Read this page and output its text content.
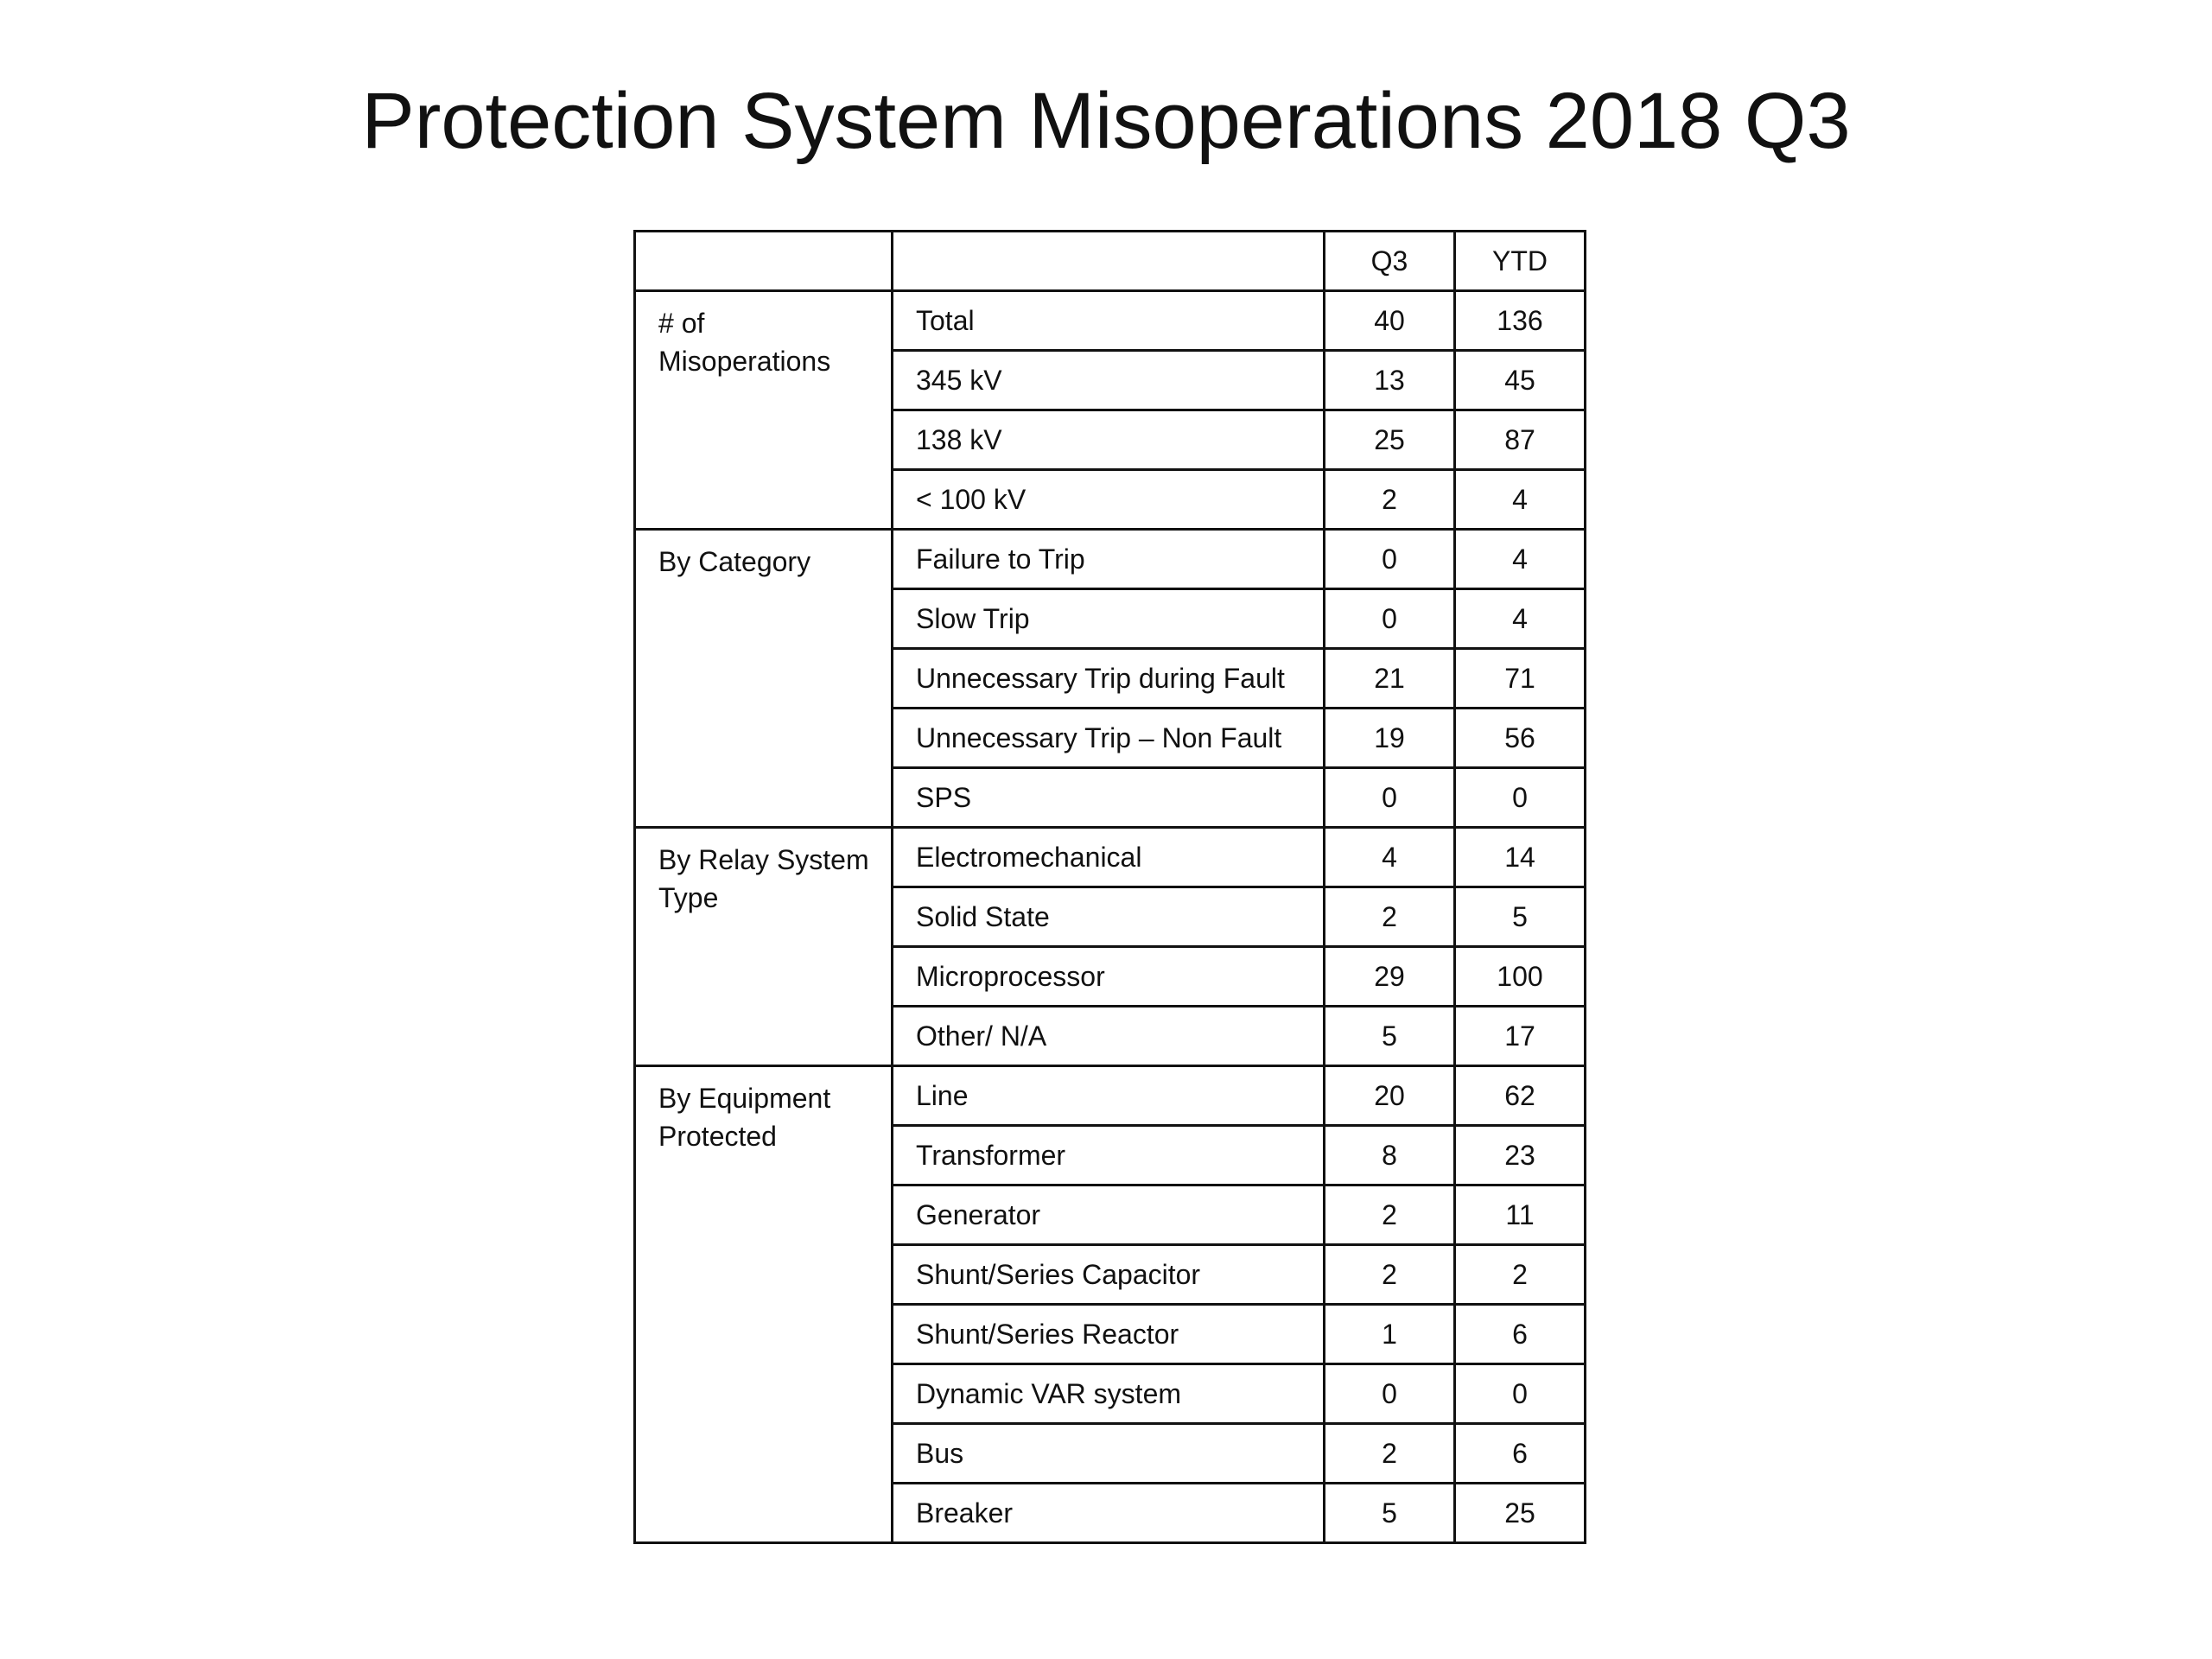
Protection System Misoperations 2018 Q3
		Q3	YTD
# of Misoperations	Total	40	136
	345 kV	13	45
	138 kV	25	87
	< 100 kV	2	4
By Category	Failure to Trip	0	4
	Slow Trip	0	4
	Unnecessary Trip during Fault	21	71
	Unnecessary Trip – Non Fault	19	56
	SPS	0	0
By Relay System Type	Electromechanical	4	14
	Solid State	2	5
	Microprocessor	29	100
	Other/ N/A	5	17
By Equipment Protected	Line	20	62
	Transformer	8	23
	Generator	2	11
	Shunt/Series Capacitor	2	2
	Shunt/Series Reactor	1	6
	Dynamic VAR system	0	0
	Bus	2	6
	Breaker	5	25
